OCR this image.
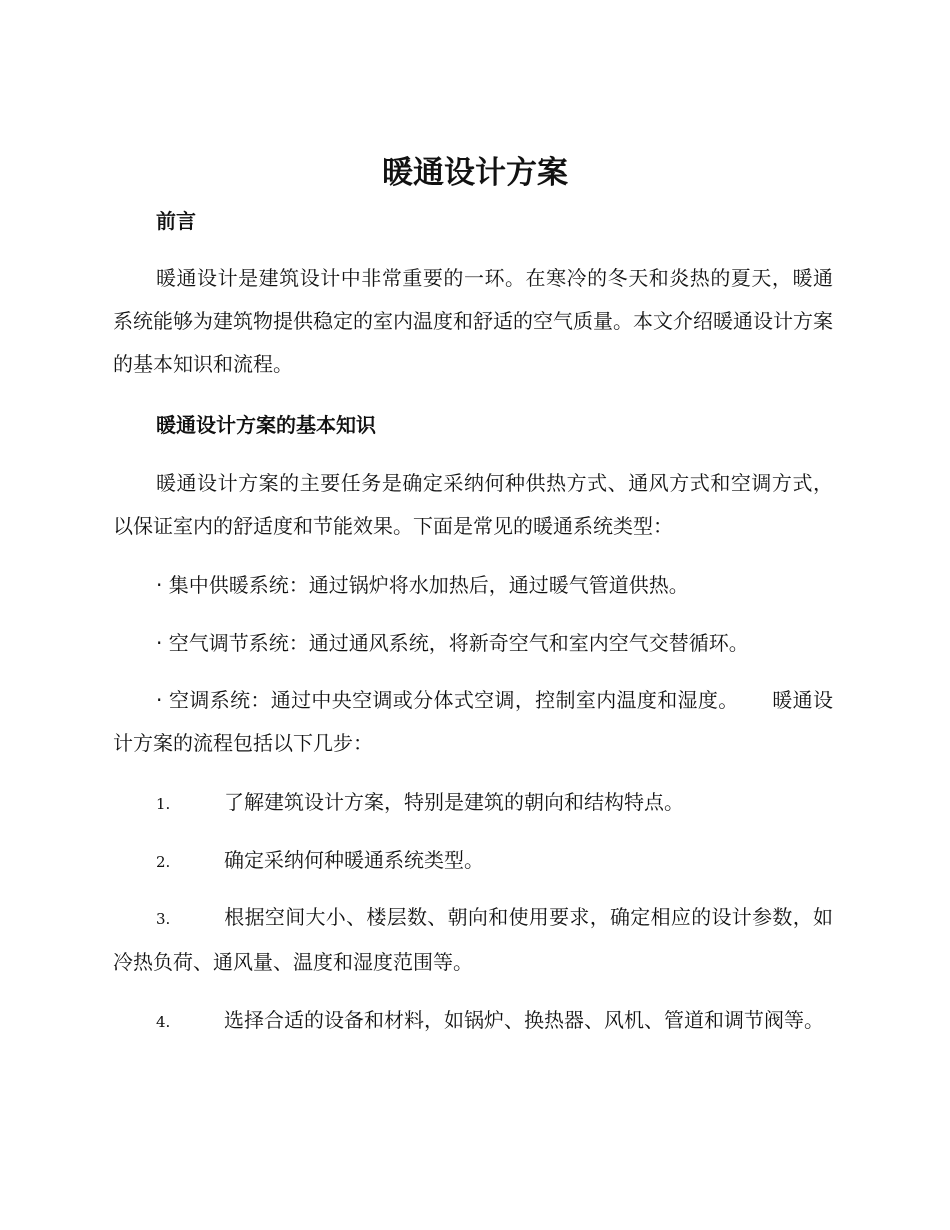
暖通设计方案

前言

暖通设计是建筑设计中非常重要的一环。在寒冷的冬天和炎热的夏天，暖通系统能够为建筑物提供稳定的室内温度和舒适的空气质量。本文介绍暖通设计方案的基本知识和流程。

暖通设计方案的基本知识

暖通设计方案的主要任务是确定采纳何种供热方式、通风方式和空调方式，以保证室内的舒适度和节能效果。下面是常见的暖通系统类型：

· 集中供暖系统：通过锅炉将水加热后，通过暖气管道供热。

· 空气调节系统：通过通风系统，将新奇空气和室内空气交替循环。

· 空调系统：通过中央空调或分体式空调，控制室内温度和湿度。 　 暖通设计方案的流程包括以下几步：

1.	了解建筑设计方案，特别是建筑的朝向和结构特点。

2.	确定采纳何种暖通系统类型。

3.	根据空间大小、楼层数、朝向和使用要求，确定相应的设计参数，如冷热负荷、通风量、温度和湿度范围等。

4.	选择合适的设备和材料，如锅炉、换热器、风机、管道和调节阀等。
